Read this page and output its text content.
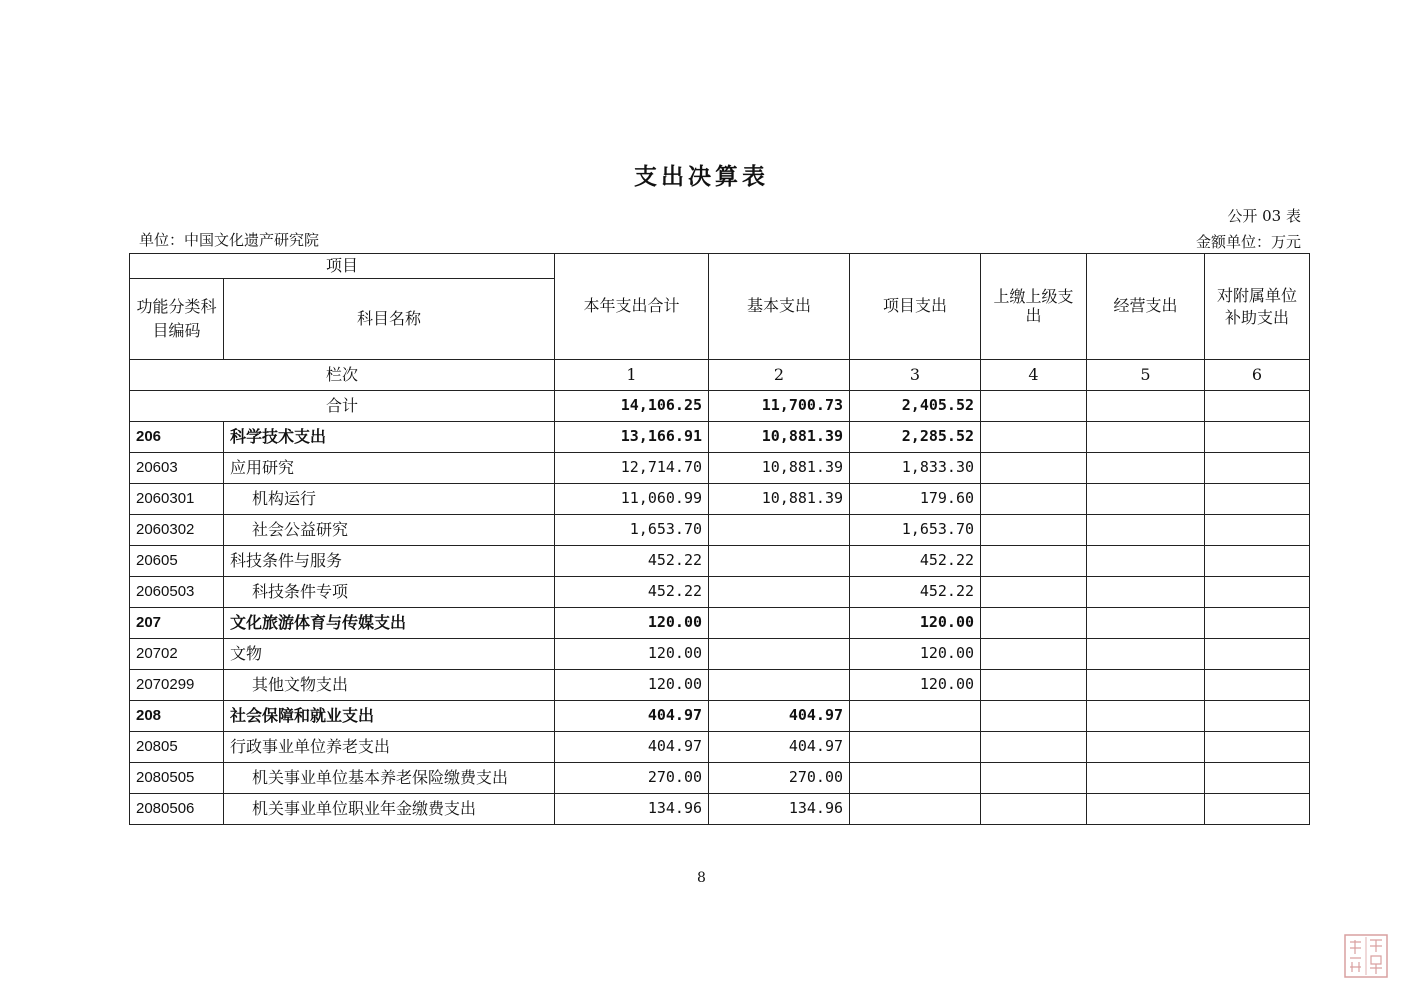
支出决算表
公开 03 表
单位：中国文化遗产研究院	金额单位：万元
项目		本年支出合计	基本支出	项目支出	上缴上级支出	经营支出	对附属单位补助支出
功能分类科目编码	科目名称						
栏次		1	2	3	4	5	6
合计		14,106.25	11,700.73	2,405.52			
206	科学技术支出	13,166.91	10,881.39	2,285.52			
20603	应用研究	12,714.70	10,881.39	1,833.30			
2060301	机构运行	11,060.99	10,881.39	179.60			
2060302	社会公益研究	1,653.70		1,653.70			
20605	科技条件与服务	452.22		452.22			
2060503	科技条件专项	452.22		452.22			
207	文化旅游体育与传媒支出	120.00		120.00			
20702	文物	120.00		120.00			
2070299	其他文物支出	120.00		120.00			
208	社会保障和就业支出	404.97	404.97				
20805	行政事业单位养老支出	404.97	404.97				
2080505	机关事业单位基本养老保险缴费支出	270.00	270.00				
2080506	机关事业单位职业年金缴费支出	134.96	134.96				
8
